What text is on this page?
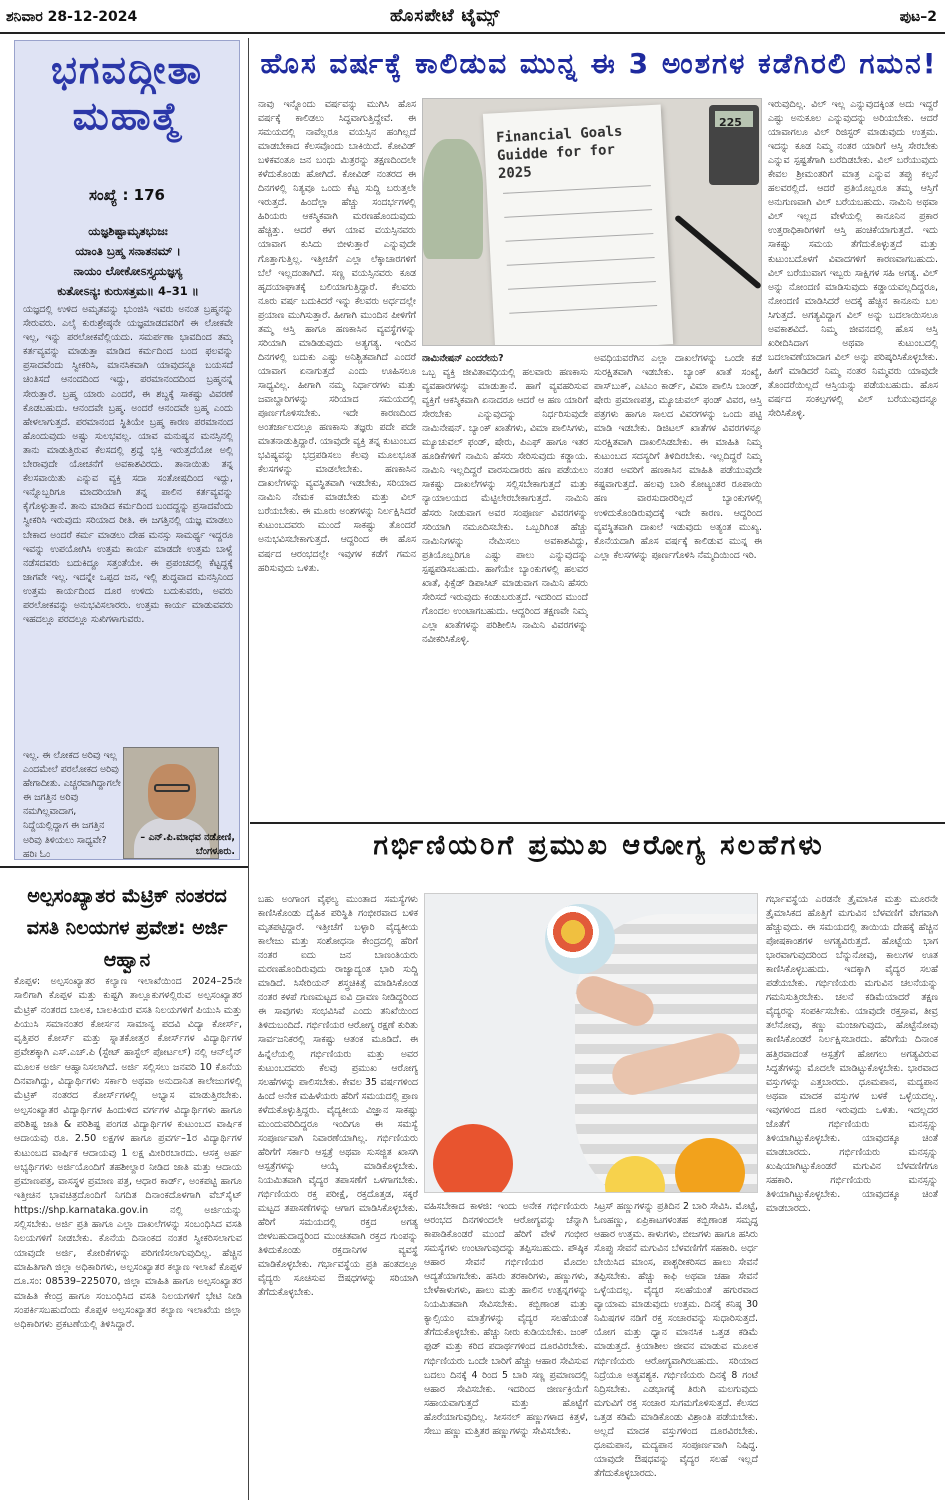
ಶನಿವಾರ 28-12-2024	ಹೊಸಪೇಟೆ ಟೈಮ್ಸ್	ಪುಟ–2
ಭಗವದ್ಗೀತಾ
ಮಹಾತ್ಮೆ
ಸಂಖ್ಯೆ : 176
ಯಜ್ಞಶಿಷ್ಟಾಮೃತಭುಜಃ
ಯಾಂತಿ ಬ್ರಹ್ಮ ಸನಾತನಮ್ ।
ನಾಯಂ ಲೋಕೋಽಸ್ತ್ಯಯಜ್ಞಸ್ಯ
ಕುತೋಽನ್ಯಃ ಕುರುಸತ್ತಮ॥ 4–31 ॥
ಯಜ್ಞದಲ್ಲಿ ಉಳಿದ ಅಮೃತವನ್ನು ಭುಂಜಿಸಿ ಇವರು ಅನಂತ ಬ್ರಹ್ಮನನ್ನು ಸೇರುವರು. ಎಲೈ ಕುರುಶ್ರೇಷ್ಠನೇ ಯಜ್ಞಮಾಡದವರಿಗೆ ಈ ಲೋಕವೇ ಇಲ್ಲ, ಇನ್ನು ಪರಲೋಕವೆಲ್ಲಿಯದು. ಸಮರ್ಪಣಾ ಭಾವದಿಂದ ತಮ್ಮ ಕರ್ತವ್ಯವನ್ನು ಮಾಡುತ್ತಾ ಮಾಡಿದ ಕರ್ಮದಿಂದ ಬಂದ ಫಲವನ್ನು ಪ್ರಸಾದವೆಂದು ಸ್ವೀಕರಿಸಿ, ಮಾನಸಿಕವಾಗಿ ಯಾವುದನ್ನೂ ಬಯಸದೆ ಚಿಂತಿಸದೆ ಆನಂದದಿಂದ ಇದ್ದು, ಪರಮಾನಂದದಿಂದ ಬ್ರಹ್ಮನನ್ನೆ ಸೇರುತ್ತಾರೆ. ಬ್ರಹ್ಮ ಯಾರು ಎಂದರೆ, ಈ ಶಬ್ದಕ್ಕೆ ಸಾಕಷ್ಟು ವಿವರಣೆ ಕೊಡಬಹುದು. ಆನಂದವೇ ಬ್ರಹ್ಮ. ಅಂದರೆ ಆನಂದವೇ ಬ್ರಹ್ಮ ಎಂದು ಹೇಳಲಾಗುತ್ತದೆ. ಪರಮಾನಂದ ಸ್ಥಿತಿಯೇ ಬ್ರಹ್ಮ ಕಾರಣ ಪರಮಾನಂದ ಹೊಂದುವುದು ಅಷ್ಟು ಸುಲಭವಲ್ಲ. ಯಾವ ಮನುಷ್ಯನ ಮನಸ್ಸಿನಲ್ಲಿ ತಾನು ಮಾಡುತ್ತಿರುವ ಕೆಲಸದಲ್ಲಿ ಶ್ರದ್ಧೆ ಭಕ್ತಿ ಇರುತ್ತದೆಯೋ ಅಲ್ಲಿ ಬೇರಾವುದೇ ಯೋಚನೆಗೆ ಅವಕಾಶವಿರದು. ತಾನಾಯಿತು ತನ್ನ ಕೆಲಸವಾಯಿತು ಎನ್ನುವ ವ್ಯಕ್ತಿ ಸದಾ ಸಂತೋಷದಿಂದ ಇದ್ದು, ಇನ್ನೊಬ್ಬರಿಗೂ ಮಾದರಿಯಾಗಿ ತನ್ನ ಪಾಲಿನ ಕರ್ತವ್ಯವನ್ನು ಕೈಗೊಳ್ಳುತ್ತಾನೆ. ತಾನು ಮಾಡಿದ ಕರ್ಮದಿಂದ ಬಂದದ್ದನ್ನು ಪ್ರಸಾದವೆಂದು ಸ್ವೀಕರಿಸಿ ಇರುವುದು ಸರಿಯಾದ ರೀತಿ. ಈ ಜಗತ್ತಿನಲ್ಲಿ ಯಜ್ಞ ಮಾಡಲು ಬೇಕಾದ ಅಂದರೆ ಕರ್ಮ ಮಾಡಲು ದೇಹ ಮನಸ್ಸು ಸಾಮರ್ಥ್ಯ ಇದ್ದರೂ ಇವನ್ನು ಉಪಯೋಗಿಸಿ ಉತ್ತಮ ಕಾರ್ಯ ಮಾಡದೇ ಉತ್ತಮ ಬಾಳ್ವೆ ನಡೆಸದವರು ಬದುಕಿದ್ದೂ ಸತ್ತಂತೆಯೇ. ಈ ಪ್ರಪಂಚದಲ್ಲಿ ಕೆಟ್ಟದ್ದಕ್ಕೆ ಜಾಗವೇ ಇಲ್ಲ. ಇದನ್ನೇ ಒಪ್ಪದ ಜನ, ಇಲ್ಲಿ ಶುದ್ಧವಾದ ಮನಸ್ಸಿನಿಂದ ಉತ್ತಮ ಕಾರ್ಯದಿಂದ ದೂರ ಉಳಿದು ಬದುಕುವರು, ಅವರು ಪರಲೋಕವನ್ನು ಅನುಭವಿಸಲಾರರು. ಉತ್ತಮ ಕಾರ್ಯ ಮಾಡುವವರು ಇಹದಲ್ಲೂ ಪರದಲ್ಲೂ ಸುಖಿಗಳಾಗುವರು.
ಇಲ್ಲ. ಈ ಲೋಕದ ಅರಿವು ಇಲ್ಲ ಎಂದಮೇಲೆ ಪರಲೋಕದ ಅರಿವು ಹೇಗಾದೀತು. ಎಚ್ಚರವಾಗಿದ್ದಾಗಲೇ ಈ ಜಗತ್ತಿನ ಅರಿವು ನಮಗಿಲ್ಲವಾದಾಗ, ನಿದ್ದೆಯಲ್ಲಿದ್ದಾಗ ಈ ಜಗತ್ತಿನ ಅರಿವು ತಿಳಿಯಲು ಸಾಧ್ಯವೇ? ಹರಿಃ ಓಂ
– ಎನ್.ಪಿ.ಮಾಧವ ನಡೋಣಿ,
ಬೆಂಗಳೂರು.
ಅಲ್ಪಸಂಖ್ಯಾತರ ಮೆಟ್ರಿಕ್ ನಂತರದ ವಸತಿ ನಿಲಯಗಳ ಪ್ರವೇಶ: ಅರ್ಜಿ ಆಹ್ವಾನ
ಕೊಪ್ಪಳ: ಅಲ್ಪಸಂಖ್ಯಾತರ ಕಲ್ಯಾಣ ಇಲಾಖೆಯಿಂದ 2024–25ನೇ ಸಾಲಿಗಾಗಿ ಕೊಪ್ಪಳ ಮತ್ತು ಕುಷ್ಟಗಿ ತಾಲ್ಲೂಕುಗಳಲ್ಲಿರುವ ಅಲ್ಪಸಂಖ್ಯಾತರ ಮೆಟ್ರಿಕ್ ನಂತರದ ಬಾಲಕ, ಬಾಲಕಿಯರ ವಸತಿ ನಿಲಯಗಳಿಗೆ ಪಿಯುಸಿ ಮತ್ತು ಪಿಯುಸಿ ಸಮಾನಂತರ ಕೋರ್ಸನ ಸಾಮಾನ್ಯ ಪದವಿ ವಿದ್ಯಾ ಕೋರ್ಸ್, ವೃತ್ತಿಪರ ಕೋರ್ಸ್ ಮತ್ತು ಸ್ನಾತಕೋತ್ತರ ಕೋರ್ಸ್‌ಗಳ ವಿದ್ಯಾರ್ಥಿಗಳ ಪ್ರವೇಶಕ್ಕಾಗಿ ಎಸ್.ಎಚ್.ಪಿ (ಸ್ಟೇಟ್ ಹಾಸ್ಟೆಲ್ ಪೋರ್ಟಲ್) ನಲ್ಲಿ ಆನ್‌ಲೈನ್ ಮೂಲಕ ಅರ್ಜಿ ಆಹ್ವಾನಿಸಲಾಗಿದೆ. ಅರ್ಜಿ ಸಲ್ಲಿಸಲು ಜನವರಿ 10 ಕೊನೆಯ ದಿನವಾಗಿದ್ದು, ವಿದ್ಯಾರ್ಥಿಗಳು ಸರ್ಕಾರಿ ಅಥವಾ ಅನುದಾನಿತ ಕಾಲೇಜುಗಳಲ್ಲಿ ಮೆಟ್ರಿಕ್ ನಂತರದ ಕೋರ್ಸ್‌ಗಳಲ್ಲಿ ಅಭ್ಯಾಸ ಮಾಡುತ್ತಿರಬೇಕು. ಅಲ್ಪಸಂಖ್ಯಾತರ ವಿದ್ಯಾರ್ಥಿಗಳ ಹಿಂದುಳಿದ ವರ್ಗಗಳ ವಿದ್ಯಾರ್ಥಿಗಳು ಹಾಗೂ ಪರಿಶಿಷ್ಟ ಜಾತಿ & ಪರಿಶಿಷ್ಟ ಪಂಗಡ ವಿದ್ಯಾರ್ಥಿಗಳ ಕುಟುಂಬದ ವಾರ್ಷಿಕ ಆದಾಯವು ರೂ. 2.50 ಲಕ್ಷಗಳ ಹಾಗೂ ಪ್ರವರ್ಗ–1ರ ವಿದ್ಯಾರ್ಥಿಗಳ ಕುಟುಂಬದ ವಾರ್ಷಿಕ ಆದಾಯವು 1 ಲಕ್ಷ ಮೀರಿರಬಾರದು. ಆಸಕ್ತ ಅರ್ಹ ಅಭ್ಯರ್ಥಿಗಳು ಅರ್ಜಿಯೊಂದಿಗೆ ತಹಶೀಲ್ದಾರ ನೀಡಿದ ಜಾತಿ ಮತ್ತು ಆದಾಯ ಪ್ರಮಾಣಪತ್ರ, ವಾಸಸ್ಥಳ ಪ್ರಮಾಣ ಪತ್ರ, ಆಧಾರ ಕಾರ್ಡ್, ಅಂಕಪಟ್ಟಿ ಹಾಗೂ ಇತ್ತೀಚಿನ ಭಾವಚಿತ್ರದೊಂದಿಗೆ ನಿಗದಿತ ದಿನಾಂಕದೊಳಗಾಗಿ ವೆಬ್‌ಸೈಟ್ https://shp.karnataka.gov.in ನಲ್ಲಿ ಅರ್ಜಿಯನ್ನು ಸಲ್ಲಿಸಬೇಕು. ಅರ್ಜಿ ಪ್ರತಿ ಹಾಗೂ ಎಲ್ಲಾ ದಾಖಲೆಗಳನ್ನು ಸಂಬಂಧಿಸಿದ ವಸತಿ ನಿಲಯಗಳಿಗೆ ನೀಡಬೇಕು. ಕೊನೆಯ ದಿನಾಂಕದ ನಂತರ ಸ್ವೀಕರಿಸಲಾಗುವ ಯಾವುದೇ ಅರ್ಜಿ, ಕೋರಿಕೆಗಳನ್ನು ಪರಿಗಣಿಸಲಾಗುವುದಿಲ್ಲ. ಹೆಚ್ಚಿನ ಮಾಹಿತಿಗಾಗಿ ಜಿಲ್ಲಾ ಅಧಿಕಾರಿಗಳು, ಅಲ್ಪಸಂಖ್ಯಾತರ ಕಲ್ಯಾಣ ಇಲಾಖೆ ಕೊಪ್ಪಳ ದೂ.ಸಂ: 08539–225070, ಜಿಲ್ಲಾ ಮಾಹಿತಿ ಹಾಗೂ ಅಲ್ಪಸಂಖ್ಯಾತರ ಮಾಹಿತಿ ಕೇಂದ್ರ ಹಾಗೂ ಸಂಬಂಧಿಸಿದ ವಸತಿ ನಿಲಯಗಳಿಗೆ ಭೇಟಿ ನೀಡಿ ಸಂಪರ್ಕಿಸಬಹುದೆಂದು ಕೊಪ್ಪಳ ಅಲ್ಪಸಂಖ್ಯಾತರ ಕಲ್ಯಾಣ ಇಲಾಖೆಯ ಜಿಲ್ಲಾ ಅಧಿಕಾರಿಗಳು ಪ್ರಕಟಣೆಯಲ್ಲಿ ತಿಳಿಸಿದ್ದಾರೆ.
ಹೊಸ ವರ್ಷಕ್ಕೆ ಕಾಲಿಡುವ ಮುನ್ನ ಈ 3 ಅಂಶಗಳ ಕಡೆಗಿರಲಿ ಗಮನ!
ನಾವು ಇನ್ನೊಂದು ವರ್ಷವನ್ನು ಮುಗಿಸಿ ಹೊಸ ವರ್ಷಕ್ಕೆ ಕಾಲಿಡಲು ಸಿದ್ಧವಾಗುತ್ತಿದ್ದೇವೆ. ಈ ಸಮಯದಲ್ಲಿ ನಾವೆಲ್ಲರೂ ವಯಸ್ಸಿನ ಹಂಗಿಲ್ಲದೆ ಮಾಡಬೇಕಾದ ಕೆಲಸವೊಂದು ಬಾಕಿಯಿದೆ. ಕೋವಿಡ್ ಬಳಿಕವಂತೂ ಜನ ಬಂಧು ಮಿತ್ರರನ್ನು ತಕ್ಷಣದಿಂದಲೇ ಕಳೆದುಕೊಂಡು ಹೋಗಿದೆ. ಕೋವಿಡ್ ನಂತರದ ಈ ದಿನಗಳಲ್ಲಿ ನಿತ್ಯವೂ ಒಂದು ಕೆಟ್ಟ ಸುದ್ದಿ ಬರುತ್ತಲೇ ಇರುತ್ತದೆ. ಹಿಂದೆಲ್ಲಾ ಹೆಚ್ಚು ಸಂದರ್ಭಗಳಲ್ಲಿ ಹಿರಿಯರು ಆಕಸ್ಮಿಕವಾಗಿ ಮರಣಹೊಂದುವುದು ಹೆಚ್ಚಿತ್ತು. ಆದರೆ ಈಗ ಯಾವ ವಯಸ್ಸಿನವರು ಯಾವಾಗ ಕುಸಿದು ಬೀಳುತ್ತಾರೆ ಎನ್ನುವುದೇ ಗೊತ್ತಾಗುತ್ತಿಲ್ಲ. ಇತ್ತೀಚೆಗೆ ಎಲ್ಲಾ ಲೆಕ್ಕಾಚಾರಗಳಿಗೆ ಬೆಲೆ ಇಲ್ಲದಂತಾಗಿದೆ. ಸಣ್ಣ ವಯಸ್ಸಿನವರು ಕೂಡ ಹೃದಯಾಘಾತಕ್ಕೆ ಬಲಿಯಾಗುತ್ತಿದ್ದಾರೆ. ಕೆಲವರು ನೂರು ವರ್ಷ ಬದುಕಿದರೆ ಇನ್ನು ಕೆಲವರು ಅರ್ಧದಲ್ಲೇ ಪ್ರಯಾಣ ಮುಗಿಸುತ್ತಾರೆ. ಹೀಗಾಗಿ ಮುಂದಿನ ಪೀಳಿಗೆಗೆ ತಮ್ಮ ಆಸ್ತಿ ಹಾಗೂ ಹಣಕಾಸಿನ ವ್ಯವಸ್ಥೆಗಳನ್ನು ಸರಿಯಾಗಿ ಮಾಡಿಡುವುದು ಅತ್ಯಗತ್ಯ. ಇಂದಿನ ದಿನಗಳಲ್ಲಿ ಬದುಕು ಎಷ್ಟು ಅನಿಶ್ಚಿತವಾಗಿದೆ ಎಂದರೆ ಯಾವಾಗ ಏನಾಗುತ್ತದೆ ಎಂದು ಊಹಿಸಲೂ ಸಾಧ್ಯವಿಲ್ಲ. ಹೀಗಾಗಿ ನಮ್ಮ ನಿರ್ಧಾರಗಳು ಮತ್ತು ಜವಾಬ್ದಾರಿಗಳನ್ನು ಸರಿಯಾದ ಸಮಯದಲ್ಲಿ ಪೂರ್ಣಗೊಳಿಸಬೇಕು. ಇದೇ ಕಾರಣದಿಂದ ಅಂತರ್ಜಾಲದಲ್ಲೂ ಹಣಕಾಸು ತಜ್ಞರು ಪದೇ ಪದೇ ಮಾತನಾಡುತ್ತಿದ್ದಾರೆ. ಯಾವುದೇ ವ್ಯಕ್ತಿ ತನ್ನ ಕುಟುಂಬದ ಭವಿಷ್ಯವನ್ನು ಭದ್ರಪಡಿಸಲು ಕೆಲವು ಮೂಲಭೂತ ಕೆಲಸಗಳನ್ನು ಮಾಡಲೇಬೇಕು. ಹಣಕಾಸಿನ ದಾಖಲೆಗಳನ್ನು ವ್ಯವಸ್ಥಿತವಾಗಿ ಇಡಬೇಕು, ಸರಿಯಾದ ನಾಮಿನಿ ನೇಮಕ ಮಾಡಬೇಕು ಮತ್ತು ವಿಲ್ ಬರೆಯಬೇಕು. ಈ ಮೂರು ಅಂಶಗಳನ್ನು ನಿರ್ಲಕ್ಷಿಸಿದರೆ ಕುಟುಂಬದವರು ಮುಂದೆ ಸಾಕಷ್ಟು ತೊಂದರೆ ಅನುಭವಿಸಬೇಕಾಗುತ್ತದೆ. ಆದ್ದರಿಂದ ಈ ಹೊಸ ವರ್ಷದ ಆರಂಭದಲ್ಲೇ ಇವುಗಳ ಕಡೆಗೆ ಗಮನ ಹರಿಸುವುದು ಒಳಿತು.
Financial Goals Guidde for for 2025
225
ನಾಮಿನೇಷನ್ ಎಂದರೇನು?
ಒಬ್ಬ ವ್ಯಕ್ತಿ ಜೀವಿತಾವಧಿಯಲ್ಲಿ ಹಲವಾರು ಹಣಕಾಸು ವ್ಯವಹಾರಗಳನ್ನು ಮಾಡುತ್ತಾನೆ. ಹಾಗೆ ವ್ಯವಹರಿಸುವ ವ್ಯಕ್ತಿಗೆ ಆಕಸ್ಮಿಕವಾಗಿ ಏನಾದರೂ ಆದರೆ ಆ ಹಣ ಯಾರಿಗೆ ಸೇರಬೇಕು ಎನ್ನುವುದನ್ನು ನಿರ್ಧರಿಸುವುದೇ ನಾಮಿನೇಷನ್. ಬ್ಯಾಂಕ್ ಖಾತೆಗಳು, ವಿಮಾ ಪಾಲಿಸಿಗಳು, ಮ್ಯೂಚುವಲ್ ಫಂಡ್, ಷೇರು, ಪಿಎಫ್ ಹಾಗೂ ಇತರ ಹೂಡಿಕೆಗಳಿಗೆ ನಾಮಿನಿ ಹೆಸರು ಸೇರಿಸುವುದು ಕಡ್ಡಾಯ. ನಾಮಿನಿ ಇಲ್ಲದಿದ್ದರೆ ವಾರಸುದಾರರು ಹಣ ಪಡೆಯಲು ಸಾಕಷ್ಟು ದಾಖಲೆಗಳನ್ನು ಸಲ್ಲಿಸಬೇಕಾಗುತ್ತದೆ ಮತ್ತು ನ್ಯಾಯಾಲಯದ ಮೆಟ್ಟಿಲೇರಬೇಕಾಗುತ್ತದೆ. ನಾಮಿನಿ ಹೆಸರು ನೀಡುವಾಗ ಅವರ ಸಂಪೂರ್ಣ ವಿವರಗಳನ್ನು ಸರಿಯಾಗಿ ನಮೂದಿಸಬೇಕು. ಒಬ್ಬರಿಗಿಂತ ಹೆಚ್ಚು ನಾಮಿನಿಗಳನ್ನು ನೇಮಿಸಲು ಅವಕಾಶವಿದ್ದು, ಪ್ರತಿಯೊಬ್ಬರಿಗೂ ಎಷ್ಟು ಪಾಲು ಎನ್ನುವುದನ್ನು ಸ್ಪಷ್ಟಪಡಿಸಬಹುದು. ಹಾಗೆಯೇ ಬ್ಯಾಂಕುಗಳಲ್ಲಿ ಹಲವರ ಖಾತೆ, ಫಿಕ್ಸೆಡ್ ಡಿಪಾಸಿಟ್ ಮಾಡುವಾಗ ನಾಮಿನಿ ಹೆಸರು ಸೇರಿಸದೆ ಇರುವುದು ಕಂಡುಬರುತ್ತದೆ. ಇದರಿಂದ ಮುಂದೆ ಗೊಂದಲ ಉಂಟಾಗಬಹುದು. ಆದ್ದರಿಂದ ತಕ್ಷಣವೇ ನಿಮ್ಮ ಎಲ್ಲಾ ಖಾತೆಗಳನ್ನು ಪರಿಶೀಲಿಸಿ ನಾಮಿನಿ ವಿವರಗಳನ್ನು ನವೀಕರಿಸಿಕೊಳ್ಳಿ.
ಅವಧಿಯವರೆಗಿನ ಎಲ್ಲಾ ದಾಖಲೆಗಳನ್ನು ಒಂದೇ ಕಡೆ ಸುರಕ್ಷಿತವಾಗಿ ಇಡಬೇಕು. ಬ್ಯಾಂಕ್ ಖಾತೆ ಸಂಖ್ಯೆ, ಪಾಸ್‌ಬುಕ್, ಎಟಿಎಂ ಕಾರ್ಡ್, ವಿಮಾ ಪಾಲಿಸಿ ಬಾಂಡ್, ಷೇರು ಪ್ರಮಾಣಪತ್ರ, ಮ್ಯೂಚುವಲ್ ಫಂಡ್ ವಿವರ, ಆಸ್ತಿ ಪತ್ರಗಳು ಹಾಗೂ ಸಾಲದ ವಿವರಗಳನ್ನು ಒಂದು ಪಟ್ಟಿ ಮಾಡಿ ಇಡಬೇಕು. ಡಿಜಿಟಲ್ ಖಾತೆಗಳ ವಿವರಗಳನ್ನೂ ಸುರಕ್ಷಿತವಾಗಿ ದಾಖಲಿಸಿಡಬೇಕು. ಈ ಮಾಹಿತಿ ನಿಮ್ಮ ಕುಟುಂಬದ ಸದಸ್ಯರಿಗೆ ತಿಳಿದಿರಬೇಕು. ಇಲ್ಲದಿದ್ದರೆ ನಿಮ್ಮ ನಂತರ ಅವರಿಗೆ ಹಣಕಾಸಿನ ಮಾಹಿತಿ ಪಡೆಯುವುದೇ ಕಷ್ಟವಾಗುತ್ತದೆ. ಹಲವು ಬಾರಿ ಕೋಟ್ಯಂತರ ರೂಪಾಯಿ ಹಣ ವಾರಸುದಾರರಿಲ್ಲದೆ ಬ್ಯಾಂಕುಗಳಲ್ಲಿ ಉಳಿದುಕೊಂಡಿರುವುದಕ್ಕೆ ಇದೇ ಕಾರಣ. ಆದ್ದರಿಂದ ವ್ಯವಸ್ಥಿತವಾಗಿ ದಾಖಲೆ ಇಡುವುದು ಅತ್ಯಂತ ಮುಖ್ಯ. ಕೊನೆಯದಾಗಿ ಹೊಸ ವರ್ಷಕ್ಕೆ ಕಾಲಿಡುವ ಮುನ್ನ ಈ ಎಲ್ಲಾ ಕೆಲಸಗಳನ್ನು ಪೂರ್ಣಗೊಳಿಸಿ ನೆಮ್ಮದಿಯಿಂದ ಇರಿ.
ಇರುವುದಿಲ್ಲ. ವಿಲ್ ಇಲ್ಲ ಎನ್ನುವುದಕ್ಕಿಂತ ಅದು ಇದ್ದರೆ ಎಷ್ಟು ಅನುಕೂಲ ಎನ್ನುವುದನ್ನು ಅರಿಯಬೇಕು. ಆದರೆ ಯಾವಾಗಲೂ ವಿಲ್ ರಿಜಿಸ್ಟರ್ ಮಾಡುವುದು ಉತ್ತಮ. ಇದನ್ನು ಕೂಡ ನಿಮ್ಮ ನಂತರ ಯಾರಿಗೆ ಆಸ್ತಿ ಸೇರಬೇಕು ಎನ್ನುವ ಸ್ಪಷ್ಟತೆಗಾಗಿ ಬರೆದಿಡಬೇಕು. ವಿಲ್ ಬರೆಯುವುದು ಕೇವಲ ಶ್ರೀಮಂತರಿಗೆ ಮಾತ್ರ ಎನ್ನುವ ತಪ್ಪು ಕಲ್ಪನೆ ಹಲವರಲ್ಲಿದೆ. ಆದರೆ ಪ್ರತಿಯೊಬ್ಬರೂ ತಮ್ಮ ಆಸ್ತಿಗೆ ಅನುಗುಣವಾಗಿ ವಿಲ್ ಬರೆಯಬಹುದು. ನಾಮಿನಿ ಅಥವಾ ವಿಲ್ ಇಲ್ಲದ ವೇಳೆಯಲ್ಲಿ ಕಾನೂನಿನ ಪ್ರಕಾರ ಉತ್ತರಾಧಿಕಾರಿಗಳಿಗೆ ಆಸ್ತಿ ಹಂಚಿಕೆಯಾಗುತ್ತದೆ. ಇದು ಸಾಕಷ್ಟು ಸಮಯ ತೆಗೆದುಕೊಳ್ಳುತ್ತದೆ ಮತ್ತು ಕುಟುಂಬದೊಳಗೆ ವಿವಾದಗಳಿಗೆ ಕಾರಣವಾಗಬಹುದು. ವಿಲ್ ಬರೆಯುವಾಗ ಇಬ್ಬರು ಸಾಕ್ಷಿಗಳ ಸಹಿ ಅಗತ್ಯ. ವಿಲ್ ಅನ್ನು ನೋಂದಣಿ ಮಾಡಿಸುವುದು ಕಡ್ಡಾಯವಲ್ಲದಿದ್ದರೂ, ನೋಂದಣಿ ಮಾಡಿಸಿದರೆ ಅದಕ್ಕೆ ಹೆಚ್ಚಿನ ಕಾನೂನು ಬಲ ಸಿಗುತ್ತದೆ. ಅಗತ್ಯವಿದ್ದಾಗ ವಿಲ್ ಅನ್ನು ಬದಲಾಯಿಸಲೂ ಅವಕಾಶವಿದೆ. ನಿಮ್ಮ ಜೀವನದಲ್ಲಿ ಹೊಸ ಆಸ್ತಿ ಖರೀದಿಸಿದಾಗ ಅಥವಾ ಕುಟುಂಬದಲ್ಲಿ ಬದಲಾವಣೆಯಾದಾಗ ವಿಲ್ ಅನ್ನು ಪರಿಷ್ಕರಿಸಿಕೊಳ್ಳಬೇಕು. ಹೀಗೆ ಮಾಡಿದರೆ ನಿಮ್ಮ ನಂತರ ನಿಮ್ಮವರು ಯಾವುದೇ ತೊಂದರೆಯಿಲ್ಲದೆ ಆಸ್ತಿಯನ್ನು ಪಡೆಯಬಹುದು. ಹೊಸ ವರ್ಷದ ಸಂಕಲ್ಪಗಳಲ್ಲಿ ವಿಲ್ ಬರೆಯುವುದನ್ನೂ ಸೇರಿಸಿಕೊಳ್ಳಿ.
ಗರ್ಭಿಣಿಯರಿಗೆ ಪ್ರಮುಖ ಆರೋಗ್ಯ ಸಲಹೆಗಳು
ಬಹು ಅಂಗಾಂಗ ವೈಫಲ್ಯ ಮುಂತಾದ ಸಮಸ್ಯೆಗಳು ಕಾಣಿಸಿಕೊಂಡು ದೈಹಿಕ ಪರಿಸ್ಥಿತಿ ಗಂಭೀರವಾದ ಬಳಿಕ ಮೃತಪಟ್ಟಿದ್ದಾರೆ. ಇತ್ತೀಚೆಗೆ ಬಳ್ಳಾರಿ ವೈದ್ಯಕೀಯ ಕಾಲೇಜು ಮತ್ತು ಸಂಶೋಧನಾ ಕೇಂದ್ರದಲ್ಲಿ ಹೆರಿಗೆ ನಂತರ ಐದು ಜನ ಬಾಣಂತಿಯರು ಮರಣಹೊಂದಿರುವುದು ರಾಜ್ಯಾದ್ಯಂತ ಭಾರಿ ಸುದ್ದಿ ಮಾಡಿದೆ. ಸಿಸೇರಿಯನ್ ಶಸ್ತ್ರಚಿಕಿತ್ಸೆ ಮಾಡಿಸಿಕೊಂಡ ನಂತರ ಕಳಪೆ ಗುಣಮಟ್ಟದ ಐವಿ ದ್ರಾವಣ ನೀಡಿದ್ದರಿಂದ ಈ ಸಾವುಗಳು ಸಂಭವಿಸಿವೆ ಎಂದು ತನಿಖೆಯಿಂದ ತಿಳಿದುಬಂದಿದೆ. ಗರ್ಭಿಣಿಯರ ಆರೋಗ್ಯ ರಕ್ಷಣೆ ಕುರಿತು ಸಾರ್ವಜನಿಕರಲ್ಲಿ ಸಾಕಷ್ಟು ಆತಂಕ ಮೂಡಿದೆ. ಈ ಹಿನ್ನೆಲೆಯಲ್ಲಿ ಗರ್ಭಿಣಿಯರು ಮತ್ತು ಅವರ ಕುಟುಂಬದವರು ಕೆಲವು ಪ್ರಮುಖ ಆರೋಗ್ಯ ಸಲಹೆಗಳನ್ನು ಪಾಲಿಸಬೇಕು. ಕೇವಲ 35 ವರ್ಷಗಳಿಂದ ಹಿಂದೆ ಅನೇಕ ಮಹಿಳೆಯರು ಹೆರಿಗೆ ಸಮಯದಲ್ಲಿ ಪ್ರಾಣ ಕಳೆದುಕೊಳ್ಳುತ್ತಿದ್ದರು. ವೈದ್ಯಕೀಯ ವಿಜ್ಞಾನ ಸಾಕಷ್ಟು ಮುಂದುವರಿದಿದ್ದರೂ ಇಂದಿಗೂ ಈ ಸಮಸ್ಯೆ ಸಂಪೂರ್ಣವಾಗಿ ನಿವಾರಣೆಯಾಗಿಲ್ಲ. ಗರ್ಭಿಣಿಯರು ಹೆರಿಗೆಗೆ ಸರ್ಕಾರಿ ಆಸ್ಪತ್ರೆ ಅಥವಾ ಸುಸಜ್ಜಿತ ಖಾಸಗಿ ಆಸ್ಪತ್ರೆಗಳನ್ನು ಆಯ್ಕೆ ಮಾಡಿಕೊಳ್ಳಬೇಕು. ನಿಯಮಿತವಾಗಿ ವೈದ್ಯರ ತಪಾಸಣೆಗೆ ಒಳಗಾಗಬೇಕು. ಗರ್ಭಿಣಿಯರು ರಕ್ತ ಪರೀಕ್ಷೆ, ರಕ್ತದೊತ್ತಡ, ಸಕ್ಕರೆ ಮಟ್ಟದ ತಪಾಸಣೆಗಳನ್ನು ಆಗಾಗ ಮಾಡಿಸಿಕೊಳ್ಳಬೇಕು. ಹೆರಿಗೆ ಸಮಯದಲ್ಲಿ ರಕ್ತದ ಅಗತ್ಯ ಬೀಳಬಹುದಾದ್ದರಿಂದ ಮುಂಚಿತವಾಗಿ ರಕ್ತದ ಗುಂಪನ್ನು ತಿಳಿದುಕೊಂಡು ರಕ್ತದಾನಿಗಳ ವ್ಯವಸ್ಥೆ ಮಾಡಿಕೊಳ್ಳಬೇಕು. ಗರ್ಭಾವಸ್ಥೆಯ ಪ್ರತಿ ಹಂತದಲ್ಲೂ ವೈದ್ಯರು ಸೂಚಿಸುವ ಔಷಧಗಳನ್ನು ಸರಿಯಾಗಿ ತೆಗೆದುಕೊಳ್ಳಬೇಕು.
ವಹಿಸಬೇಕಾದ ಕಾಳಜಿ: ಇಂದು ಅನೇಕ ಗರ್ಭಿಣಿಯರು ಆರಂಭದ ದಿನಗಳಿಂದಲೇ ಆರೋಗ್ಯವನ್ನು ಚೆನ್ನಾಗಿ ಕಾಪಾಡಿಕೊಂಡರೆ ಮುಂದೆ ಹೆರಿಗೆ ವೇಳೆ ಗಂಭೀರ ಸಮಸ್ಯೆಗಳು ಉಂಟಾಗುವುದನ್ನು ತಪ್ಪಿಸಬಹುದು. ಪೌಷ್ಠಿಕ ಆಹಾರ ಸೇವನೆ ಗರ್ಭಿಣಿಯರ ಮೊದಲ ಆದ್ಯತೆಯಾಗಬೇಕು. ಹಸಿರು ತರಕಾರಿಗಳು, ಹಣ್ಣುಗಳು, ಬೇಳೆಕಾಳುಗಳು, ಹಾಲು ಮತ್ತು ಹಾಲಿನ ಉತ್ಪನ್ನಗಳನ್ನು ನಿಯಮಿತವಾಗಿ ಸೇವಿಸಬೇಕು. ಕಬ್ಬಿಣಾಂಶ ಮತ್ತು ಕ್ಯಾಲ್ಸಿಯಂ ಮಾತ್ರೆಗಳನ್ನು ವೈದ್ಯರ ಸಲಹೆಯಂತೆ ತೆಗೆದುಕೊಳ್ಳಬೇಕು. ಹೆಚ್ಚು ನೀರು ಕುಡಿಯಬೇಕು. ಜಂಕ್ ಫುಡ್ ಮತ್ತು ಕರಿದ ಪದಾರ್ಥಗಳಿಂದ ದೂರವಿರಬೇಕು. ಗರ್ಭಿಣಿಯರು ಒಂದೇ ಬಾರಿಗೆ ಹೆಚ್ಚು ಆಹಾರ ಸೇವಿಸುವ ಬದಲು ದಿನಕ್ಕೆ 4 ರಿಂದ 5 ಬಾರಿ ಸಣ್ಣ ಪ್ರಮಾಣದಲ್ಲಿ ಆಹಾರ ಸೇವಿಸಬೇಕು. ಇದರಿಂದ ಜೀರ್ಣಕ್ರಿಯೆಗೆ ಸಹಾಯವಾಗುತ್ತದೆ ಮತ್ತು ಹೊಟ್ಟೆಗೆ ಹೊರೆಯಾಗುವುದಿಲ್ಲ. ಸೀಸನಲ್ ಹಣ್ಣುಗಳಾದ ಕಿತ್ತಳೆ, ಸೇಬು ಹಣ್ಣು ಮತ್ತಿತರ ಹಣ್ಣುಗಳನ್ನು ಸೇವಿಸಬೇಕು.
ಸಿಟ್ರಸ್ ಹಣ್ಣುಗಳನ್ನು ಪ್ರತಿದಿನ 2 ಬಾರಿ ಸೇವಿಸಿ. ಮೊಟ್ಟೆ, ಓಣಹಣ್ಣು, ಏಪ್ರಿಕಾಟಗಳಂತಹ ಕಬ್ಬಿಣಾಂಶ ಸಮೃದ್ಧ ಆಹಾರ ಉತ್ತಮ. ಕಾಳುಗಳು, ಬೀಜಗಳು ಹಾಗೂ ಹಸಿರು ಸೊಪ್ಪು ಸೇವನೆ ಮಗುವಿನ ಬೆಳವಣಿಗೆಗೆ ಸಹಕಾರಿ. ಅರ್ಧ ಬೇಯಿಸಿದ ಮಾಂಸ, ಪಾಶ್ಚರೀಕರಿಸದ ಹಾಲು ಸೇವನೆ ತಪ್ಪಿಸಬೇಕು. ಹೆಚ್ಚು ಕಾಫಿ ಅಥವಾ ಚಹಾ ಸೇವನೆ ಒಳ್ಳೆಯದಲ್ಲ. ವೈದ್ಯರ ಸಲಹೆಯಂತೆ ಹಗುರವಾದ ವ್ಯಾಯಾಮ ಮಾಡುವುದು ಉತ್ತಮ. ದಿನಕ್ಕೆ ಕನಿಷ್ಠ 30 ನಿಮಿಷಗಳ ನಡಿಗೆ ರಕ್ತ ಸಂಚಾರವನ್ನು ಸುಧಾರಿಸುತ್ತದೆ. ಯೋಗ ಮತ್ತು ಧ್ಯಾನ ಮಾನಸಿಕ ಒತ್ತಡ ಕಡಿಮೆ ಮಾಡುತ್ತದೆ. ಕ್ರಿಯಾಶೀಲ ಜೀವನ ಮಾಡುವ ಮೂಲಕ ಗರ್ಭಿಣಿಯರು ಆರೋಗ್ಯವಾಗಿರಬಹುದು. ಸರಿಯಾದ ನಿದ್ರೆಯೂ ಅತ್ಯವಶ್ಯಕ. ಗರ್ಭಿಣಿಯರು ದಿನಕ್ಕೆ 8 ಗಂಟೆ ನಿದ್ರಿಸಬೇಕು. ಎಡಭಾಗಕ್ಕೆ ತಿರುಗಿ ಮಲಗುವುದು ಮಗುವಿಗೆ ರಕ್ತ ಸಂಚಾರ ಸುಗಮಗೊಳಿಸುತ್ತದೆ. ಕೆಲಸದ ಒತ್ತಡ ಕಡಿಮೆ ಮಾಡಿಕೊಂಡು ವಿಶ್ರಾಂತಿ ಪಡೆಯಬೇಕು. ಅಲ್ಲದೆ ಮಾದಕ ವಸ್ತುಗಳಿಂದ ದೂರವಿರಬೇಕು. ಧೂಮಪಾನ, ಮದ್ಯಪಾನ ಸಂಪೂರ್ಣವಾಗಿ ನಿಷಿದ್ಧ. ಯಾವುದೇ ಔಷಧವನ್ನು ವೈದ್ಯರ ಸಲಹೆ ಇಲ್ಲದೆ ತೆಗೆದುಕೊಳ್ಳಬಾರದು.
ಗರ್ಭಾವಸ್ಥೆಯ ಎರಡನೇ ತ್ರೈಮಾಸಿಕ ಮತ್ತು ಮೂರನೇ ತ್ರೈಮಾಸಿಕದ ಹೊತ್ತಿಗೆ ಮಗುವಿನ ಬೆಳವಣಿಗೆ ವೇಗವಾಗಿ ಹೆಚ್ಚುವುದು. ಈ ಸಮಯದಲ್ಲಿ ತಾಯಿಯ ದೇಹಕ್ಕೆ ಹೆಚ್ಚಿನ ಪೋಷಕಾಂಶಗಳ ಅಗತ್ಯವಿರುತ್ತದೆ. ಹೊಟ್ಟೆಯ ಭಾಗ ಭಾರವಾಗುವುದರಿಂದ ಬೆನ್ನುನೋವು, ಕಾಲುಗಳ ಊತ ಕಾಣಿಸಿಕೊಳ್ಳಬಹುದು. ಇದಕ್ಕಾಗಿ ವೈದ್ಯರ ಸಲಹೆ ಪಡೆಯಬೇಕು. ಗರ್ಭಿಣಿಯರು ಮಗುವಿನ ಚಲನೆಯನ್ನು ಗಮನಿಸುತ್ತಿರಬೇಕು. ಚಲನೆ ಕಡಿಮೆಯಾದರೆ ತಕ್ಷಣ ವೈದ್ಯರನ್ನು ಸಂಪರ್ಕಿಸಬೇಕು. ಯಾವುದೇ ರಕ್ತಸ್ರಾವ, ತೀವ್ರ ತಲೆನೋವು, ಕಣ್ಣು ಮಂಜಾಗುವುದು, ಹೊಟ್ಟೆನೋವು ಕಾಣಿಸಿಕೊಂಡರೆ ನಿರ್ಲಕ್ಷಿಸಬಾರದು. ಹೆರಿಗೆಯ ದಿನಾಂಕ ಹತ್ತಿರವಾದಂತೆ ಆಸ್ಪತ್ರೆಗೆ ಹೋಗಲು ಅಗತ್ಯವಿರುವ ಸಿದ್ಧತೆಗಳನ್ನು ಮೊದಲೇ ಮಾಡಿಟ್ಟುಕೊಳ್ಳಬೇಕು. ಭಾರವಾದ ವಸ್ತುಗಳನ್ನು ಎತ್ತಬಾರದು. ಧೂಮಪಾನ, ಮದ್ಯಪಾನ ಅಥವಾ ಮಾದಕ ವಸ್ತುಗಳ ಬಳಕೆ ಒಳ್ಳೆಯದಲ್ಲ. ಇವುಗಳಿಂದ ದೂರ ಇರುವುದು ಒಳಿತು. ಇದಲ್ಲದರ ಜೊತೆಗೆ ಗರ್ಭಿಣಿಯರು ಮನಸ್ಸನ್ನು ತಿಳಿಯಾಗಿಟ್ಟುಕೊಳ್ಳಬೇಕು. ಯಾವುದಕ್ಕೂ ಚಿಂತೆ ಮಾಡಬಾರದು. ಗರ್ಭಿಣಿಯರು ಮನಸ್ಸನ್ನು ಖುಷಿಯಾಗಿಟ್ಟುಕೊಂಡರೆ ಮಗುವಿನ ಬೆಳವಣಿಗೆಗೂ ಸಹಕಾರಿ. ಗರ್ಭಿಣಿಯರು ಮನಸ್ಸನ್ನು ತಿಳಿಯಾಗಿಟ್ಟುಕೊಳ್ಳಬೇಕು. ಯಾವುದಕ್ಕೂ ಚಿಂತೆ ಮಾಡಬಾರದು.
